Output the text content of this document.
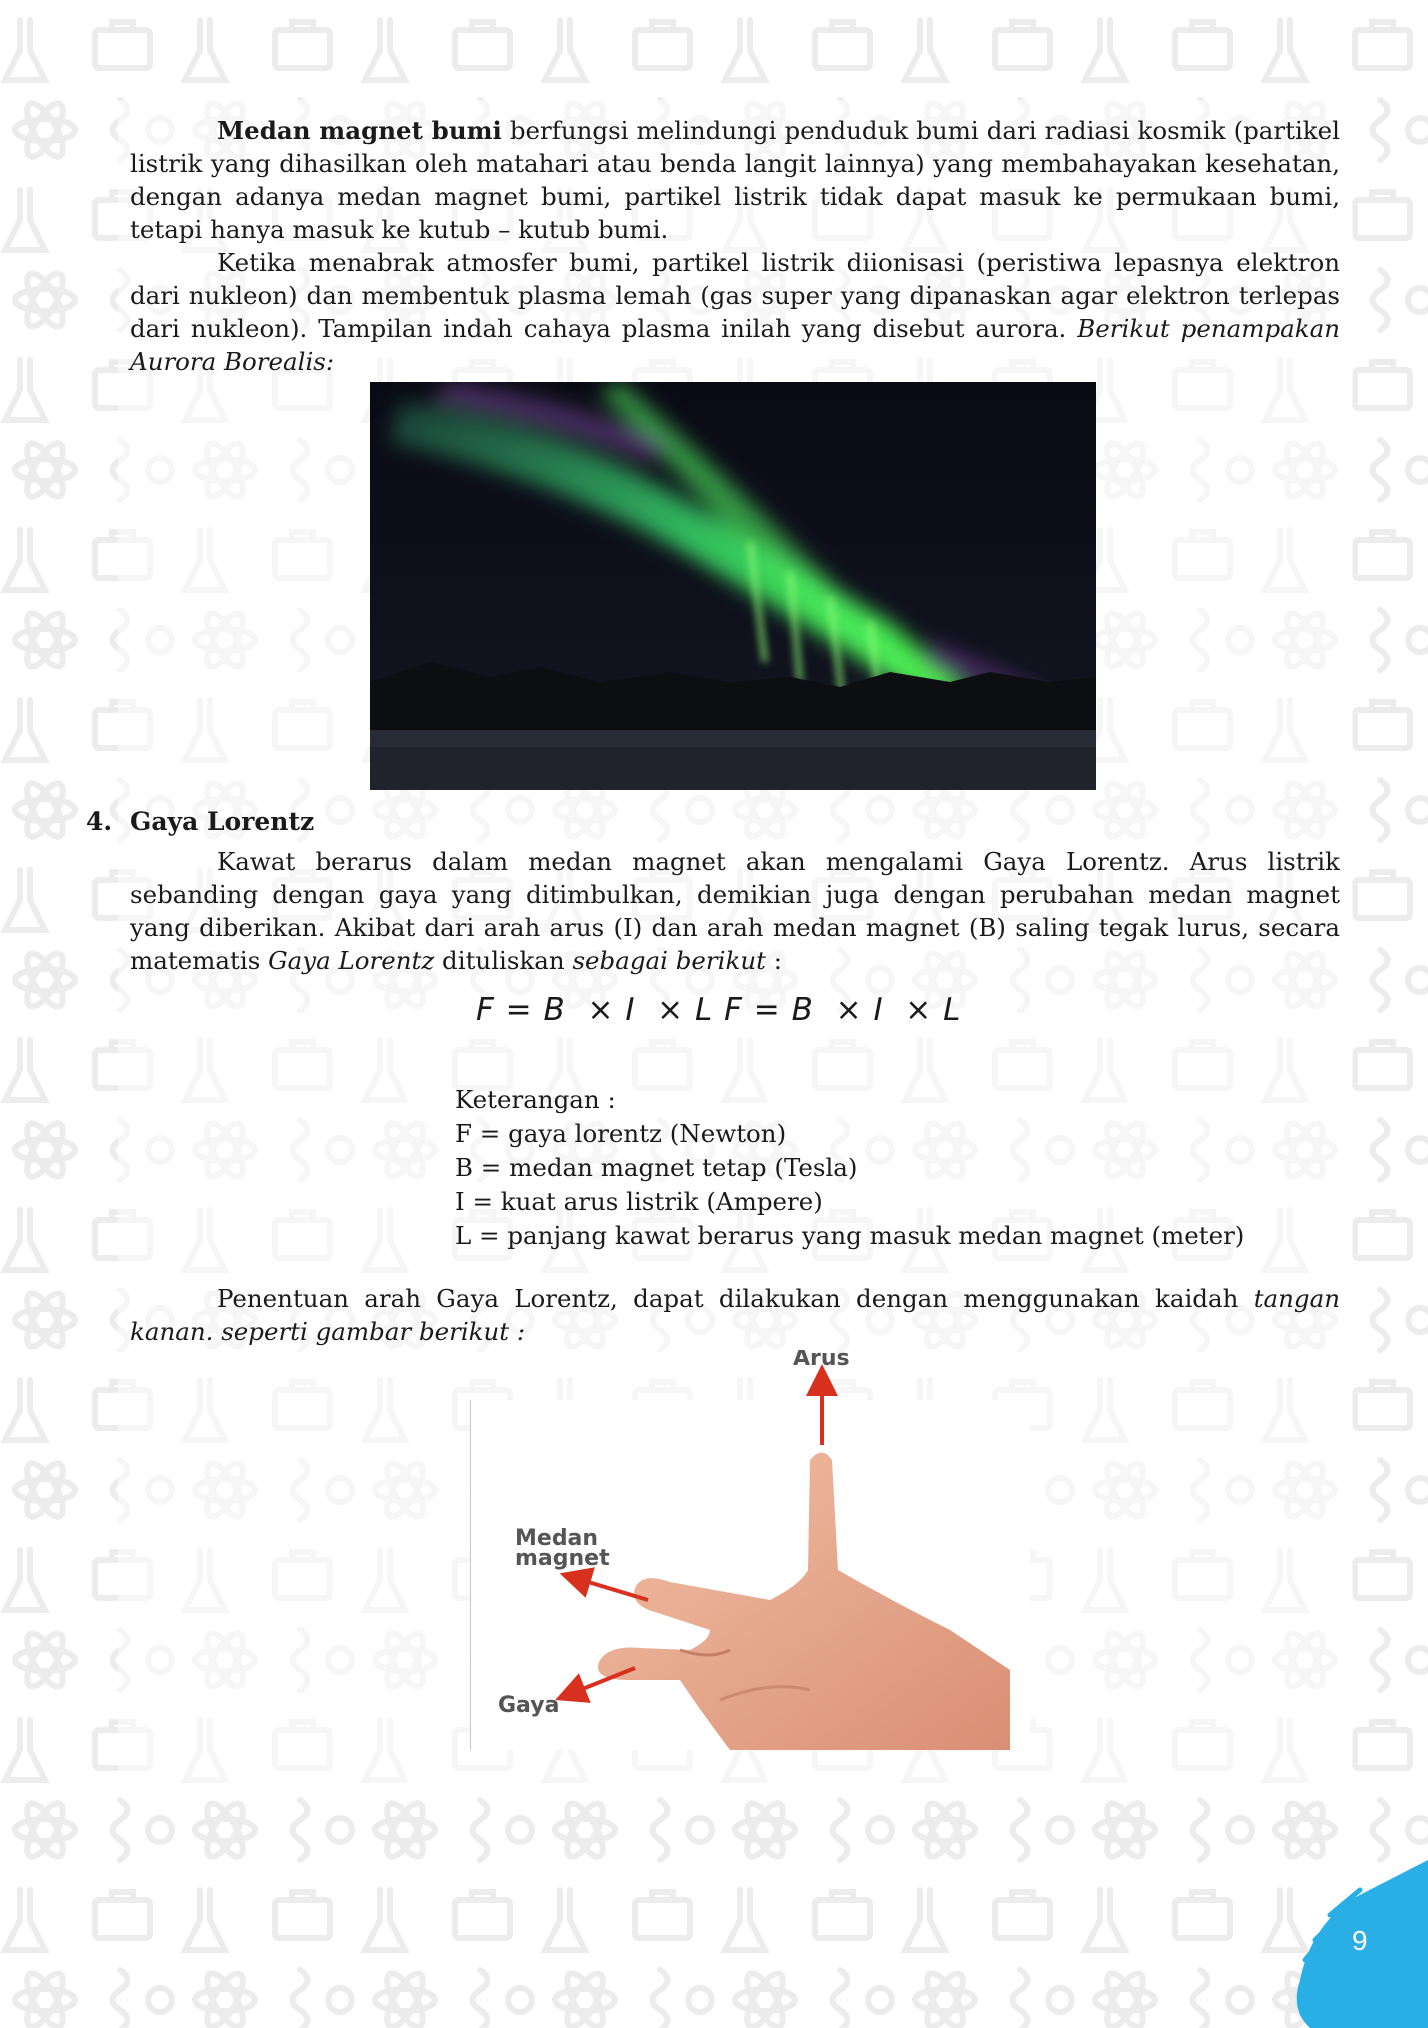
Medan magnet bumi berfungsi melindungi penduduk bumi dari radiasi kosmik (partikel listrik yang dihasilkan oleh matahari atau benda langit lainnya) yang membahayakan kesehatan, dengan adanya medan magnet bumi, partikel listrik tidak dapat masuk ke permukaan bumi, tetapi hanya masuk ke kutub – kutub bumi.

Ketika menabrak atmosfer bumi, partikel listrik diionisasi (peristiwa lepasnya elektron dari nukleon) dan membentuk plasma lemah (gas super yang dipanaskan agar elektron terlepas dari nukleon). Tampilan indah cahaya plasma inilah yang disebut aurora. Berikut penampakan Aurora Borealis:

4. Gaya Lorentz

Kawat berarus dalam medan magnet akan mengalami Gaya Lorentz. Arus listrik sebanding dengan gaya yang ditimbulkan, demikian juga dengan perubahan medan magnet yang diberikan. Akibat dari arah arus (I) dan arah medan magnet (B) saling tegak lurus, secara matematis Gaya Lorentz dituliskan sebagai berikut :

F = B  × I  × L F = B  × I  × L
Keterangan :
F = gaya lorentz (Newton)
B = medan magnet tetap (Tesla)
I = kuat arus listrik (Ampere)
L = panjang kawat berarus yang masuk medan magnet (meter)

Penentuan arah Gaya Lorentz, dapat dilakukan dengan menggunakan kaidah tangan kanan. seperti gambar berikut :

Arus
Medan
magnet
Gaya
9
